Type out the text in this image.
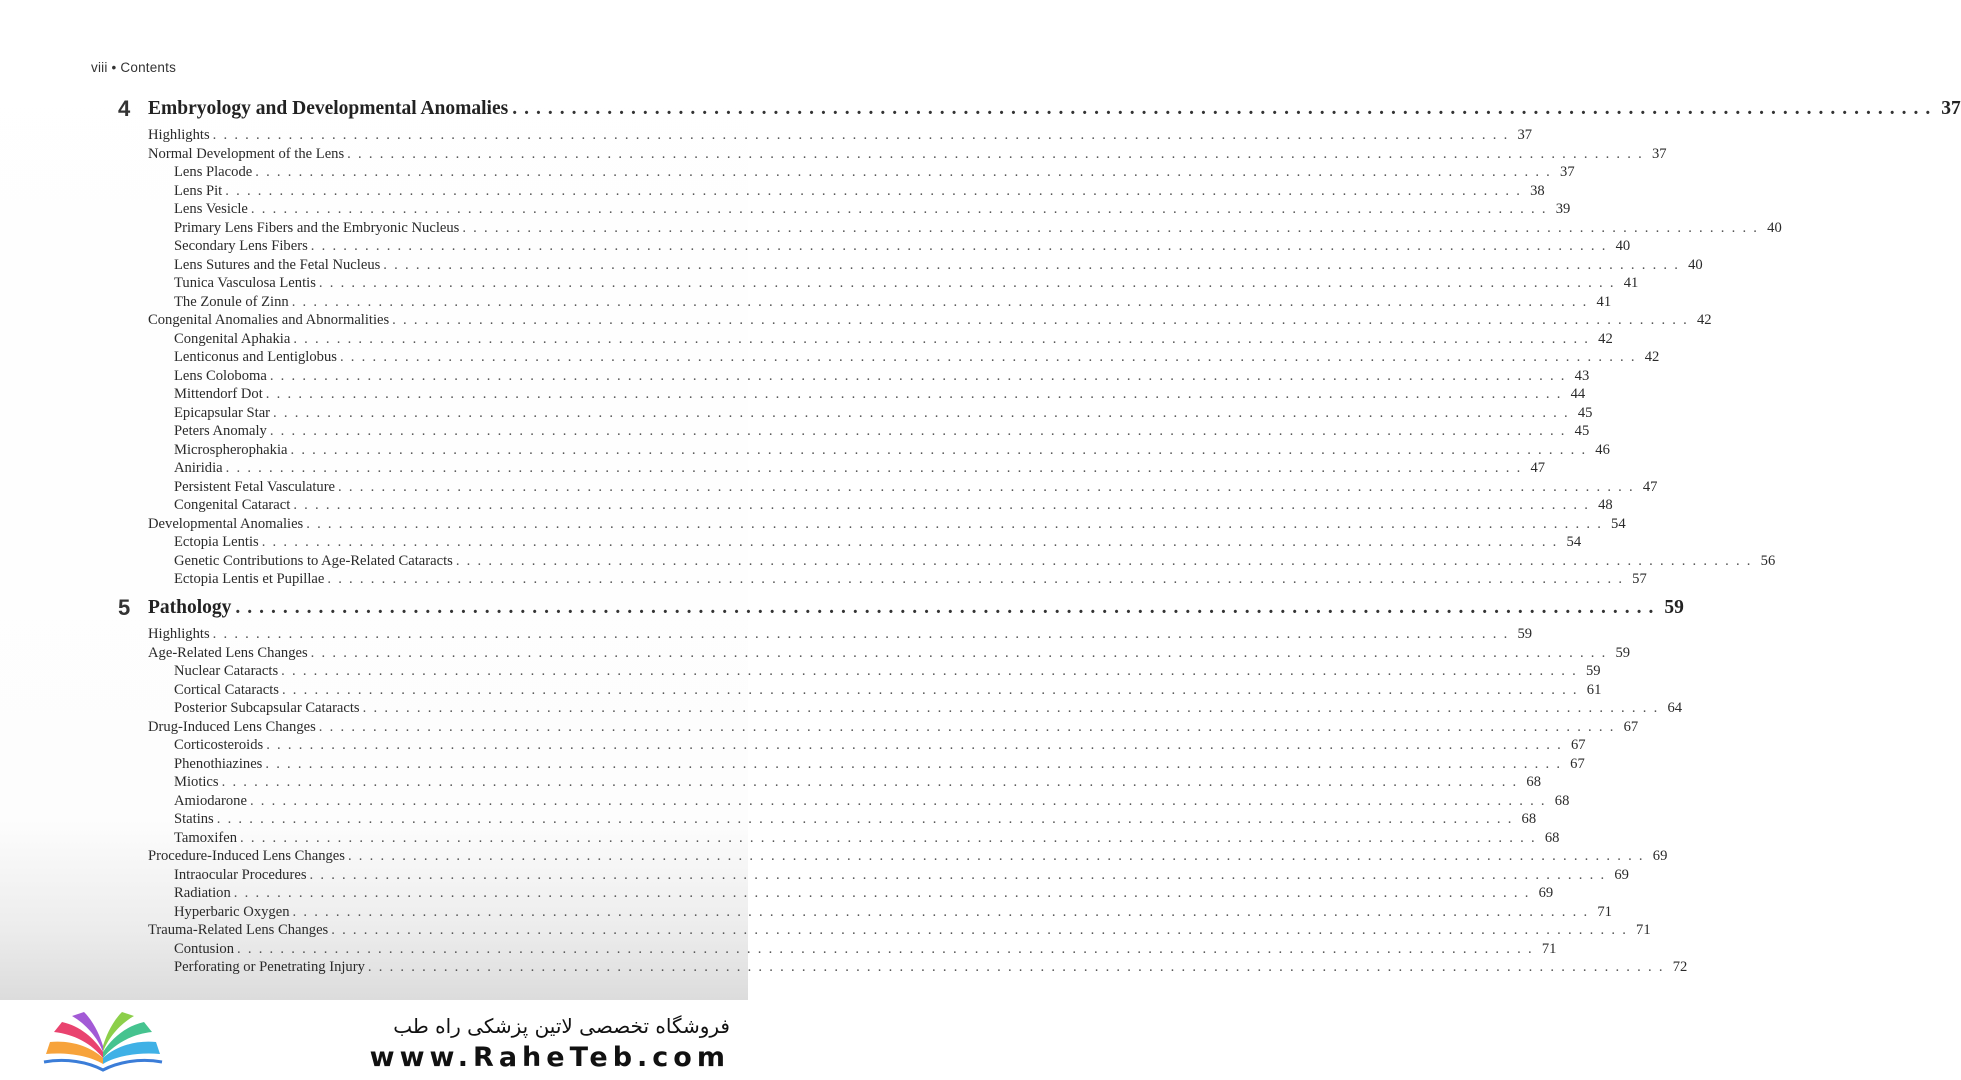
viii • Contents
4 Embryology and Developmental Anomalies ........................................................................................................................ 37
Highlights ........................................................................................................................ 37
Normal Development of the Lens ........................................................................................................................ 37
Lens Placode ........................................................................................................................ 37
Lens Pit ........................................................................................................................ 38
Lens Vesicle ........................................................................................................................ 39
Primary Lens Fibers and the Embryonic Nucleus ........................................................................................................................ 40
Secondary Lens Fibers ........................................................................................................................ 40
Lens Sutures and the Fetal Nucleus ........................................................................................................................ 40
Tunica Vasculosa Lentis ........................................................................................................................ 41
The Zonule of Zinn ........................................................................................................................ 41
Congenital Anomalies and Abnormalities ........................................................................................................................ 42
Congenital Aphakia ........................................................................................................................ 42
Lenticonus and Lentiglobus ........................................................................................................................ 42
Lens Coloboma ........................................................................................................................ 43
Mittendorf Dot ........................................................................................................................ 44
Epicapsular Star ........................................................................................................................ 45
Peters Anomaly ........................................................................................................................ 45
Microspherophakia ........................................................................................................................ 46
Aniridia ........................................................................................................................ 47
Persistent Fetal Vasculature ........................................................................................................................ 47
Congenital Cataract ........................................................................................................................ 48
Developmental Anomalies ........................................................................................................................ 54
Ectopia Lentis ........................................................................................................................ 54
Genetic Contributions to Age-Related Cataracts ........................................................................................................................ 56
Ectopia Lentis et Pupillae ........................................................................................................................ 57
5 Pathology ........................................................................................................................ 59
Highlights ........................................................................................................................ 59
Age-Related Lens Changes ........................................................................................................................ 59
Nuclear Cataracts ........................................................................................................................ 59
Cortical Cataracts ........................................................................................................................ 61
Posterior Subcapsular Cataracts ........................................................................................................................ 64
Drug-Induced Lens Changes ........................................................................................................................ 67
Corticosteroids ........................................................................................................................ 67
Phenothiazines ........................................................................................................................ 67
Miotics ........................................................................................................................ 68
Amiodarone ........................................................................................................................ 68
Statins ........................................................................................................................ 68
Tamoxifen ........................................................................................................................ 68
Procedure-Induced Lens Changes ........................................................................................................................ 69
Intraocular Procedures ........................................................................................................................ 69
Radiation ........................................................................................................................ 69
Hyperbaric Oxygen ........................................................................................................................ 71
Trauma-Related Lens Changes ........................................................................................................................ 71
Contusion ........................................................................................................................ 71
Perforating or Penetrating Injury ........................................................................................................................ 72
فروشگاه تخصصی لاتین پزشکی راه طب
www.RaheTeb.com
